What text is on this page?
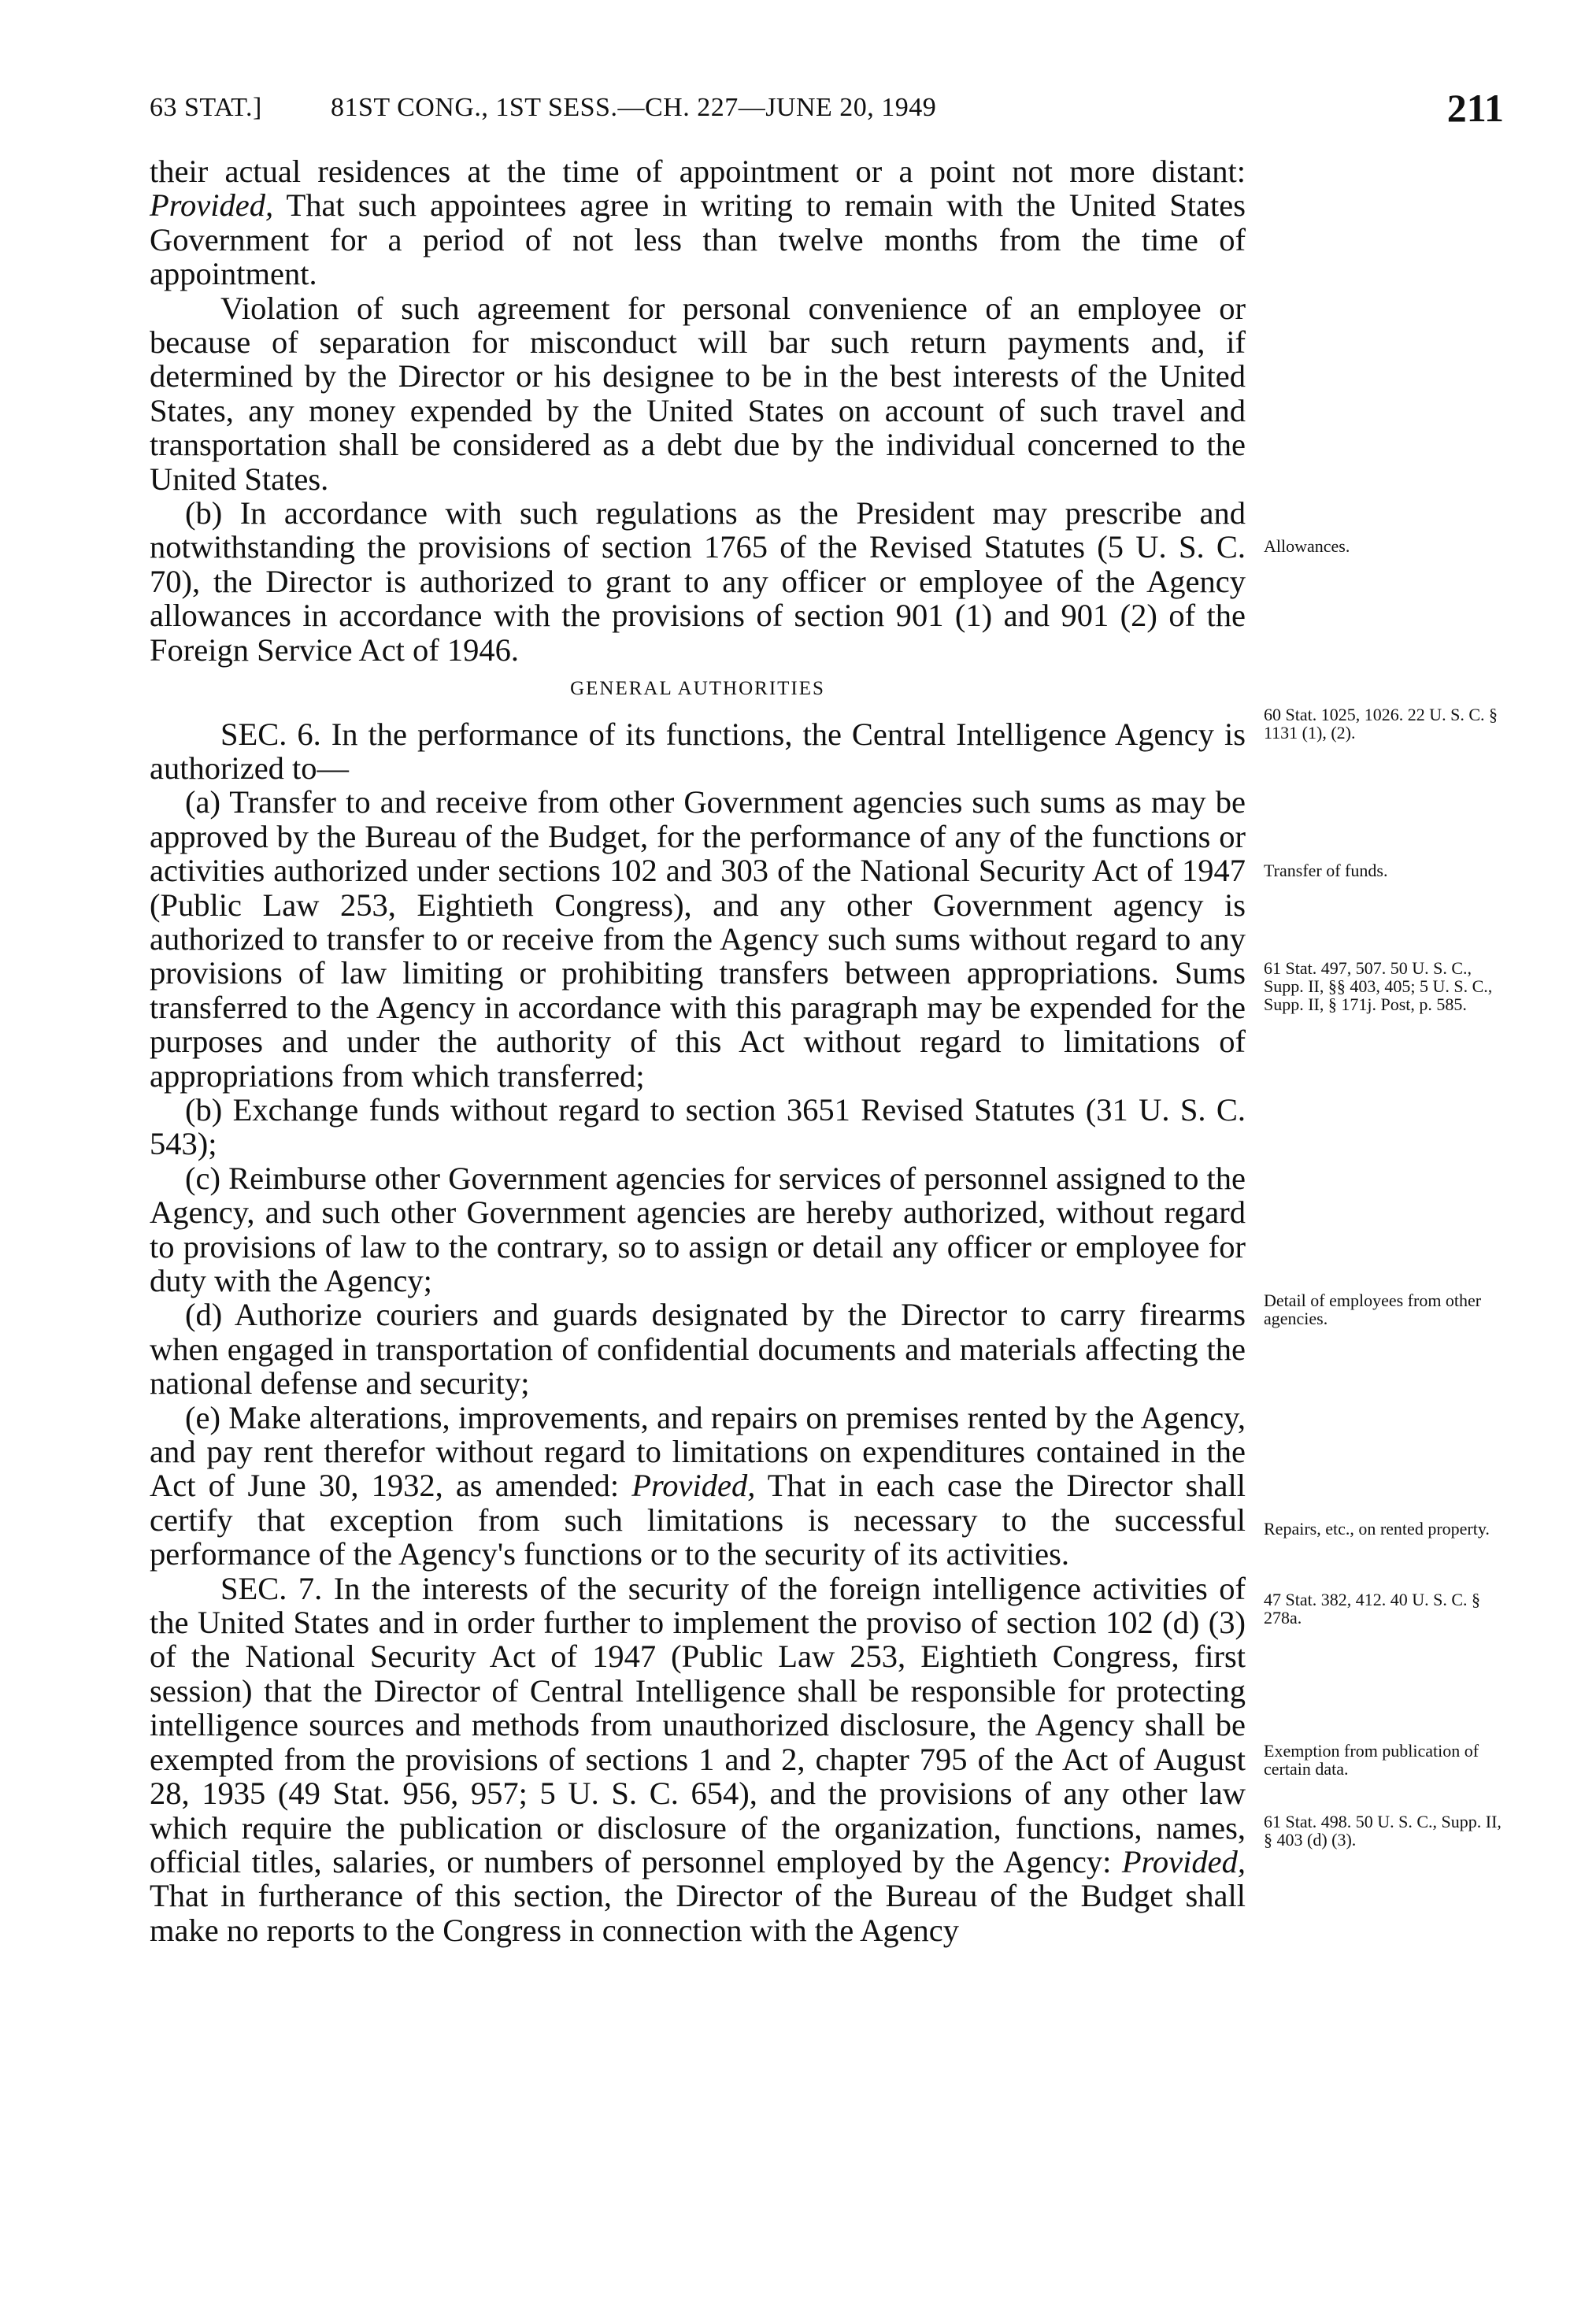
63 STAT.]	81ST CONG., 1ST SESS.—CH. 227—JUNE 20, 1949	211

their actual residences at the time of appointment or a point not more distant: Provided, That such appointees agree in writing to remain with the United States Government for a period of not less than twelve months from the time of appointment.

Violation of such agreement for personal convenience of an employee or because of separation for misconduct will bar such return payments and, if determined by the Director or his designee to be in the best interests of the United States, any money expended by the United States on account of such travel and transportation shall be considered as a debt due by the individual concerned to the United States.

(b) In accordance with such regulations as the President may prescribe and notwithstanding the provisions of section 1765 of the Revised Statutes (5 U. S. C. 70), the Director is authorized to grant to any officer or employee of the Agency allowances in accordance with the provisions of section 901 (1) and 901 (2) of the Foreign Service Act of 1946.

GENERAL AUTHORITIES

SEC. 6. In the performance of its functions, the Central Intelligence Agency is authorized to—

(a) Transfer to and receive from other Government agencies such sums as may be approved by the Bureau of the Budget, for the performance of any of the functions or activities authorized under sections 102 and 303 of the National Security Act of 1947 (Public Law 253, Eightieth Congress), and any other Government agency is authorized to transfer to or receive from the Agency such sums without regard to any provisions of law limiting or prohibiting transfers between appropriations. Sums transferred to the Agency in accordance with this paragraph may be expended for the purposes and under the authority of this Act without regard to limitations of appropriations from which transferred;

(b) Exchange funds without regard to section 3651 Revised Statutes (31 U. S. C. 543);

(c) Reimburse other Government agencies for services of personnel assigned to the Agency, and such other Government agencies are hereby authorized, without regard to provisions of law to the contrary, so to assign or detail any officer or employee for duty with the Agency;

(d) Authorize couriers and guards designated by the Director to carry firearms when engaged in transportation of confidential documents and materials affecting the national defense and security;

(e) Make alterations, improvements, and repairs on premises rented by the Agency, and pay rent therefor without regard to limitations on expenditures contained in the Act of June 30, 1932, as amended: Provided, That in each case the Director shall certify that exception from such limitations is necessary to the successful performance of the Agency's functions or to the security of its activities.

SEC. 7. In the interests of the security of the foreign intelligence activities of the United States and in order further to implement the proviso of section 102 (d) (3) of the National Security Act of 1947 (Public Law 253, Eightieth Congress, first session) that the Director of Central Intelligence shall be responsible for protecting intelligence sources and methods from unauthorized disclosure, the Agency shall be exempted from the provisions of sections 1 and 2, chapter 795 of the Act of August 28, 1935 (49 Stat. 956, 957; 5 U. S. C. 654), and the provisions of any other law which require the publication or disclosure of the organization, functions, names, official titles, salaries, or numbers of personnel employed by the Agency: Provided, That in furtherance of this section, the Director of the Bureau of the Budget shall make no reports to the Congress in connection with the Agency

Allowances.
60 Stat. 1025, 1026. 22 U. S. C. § 1131 (1), (2).
Transfer of funds.
61 Stat. 497, 507. 50 U. S. C., Supp. II, §§ 403, 405; 5 U. S. C., Supp. II, § 171j. Post, p. 585.
Detail of employees from other agencies.
Repairs, etc., on rented property.
47 Stat. 382, 412. 40 U. S. C. § 278a.
Exemption from publication of certain data.
61 Stat. 498. 50 U. S. C., Supp. II, § 403 (d) (3).
